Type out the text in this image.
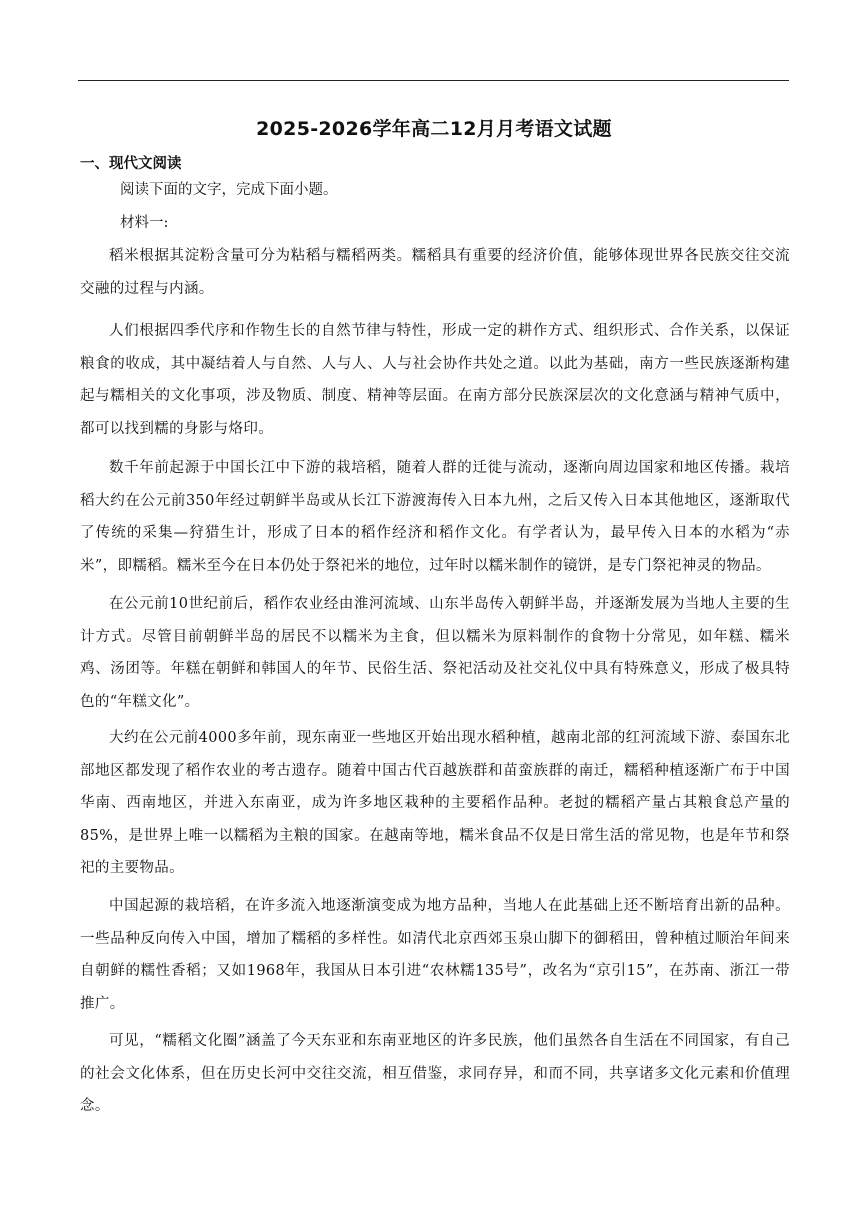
2025-2026学年高二12月月考语文试题
一、现代文阅读
阅读下面的文字，完成下面小题。
材料一:

稻米根据其淀粉含量可分为粘稻与糯稻两类。糯稻具有重要的经济价值，能够体现世界各民族交往交流交融的过程与内涵。

人们根据四季代序和作物生长的自然节律与特性，形成一定的耕作方式、组织形式、合作关系，以保证粮食的收成，其中凝结着人与自然、人与人、人与社会协作共处之道。以此为基础，南方一些民族逐渐构建起与糯相关的文化事项，涉及物质、制度、精神等层面。在南方部分民族深层次的文化意涵与精神气质中，都可以找到糯的身影与烙印。

数千年前起源于中国长江中下游的栽培稻，随着人群的迁徙与流动，逐渐向周边国家和地区传播。栽培稻大约在公元前350年经过朝鲜半岛或从长江下游渡海传入日本九州，之后又传入日本其他地区，逐渐取代了传统的采集—狩猎生计，形成了日本的稻作经济和稻作文化。有学者认为，最早传入日本的水稻为“赤米”，即糯稻。糯米至今在日本仍处于祭祀米的地位，过年时以糯米制作的镜饼，是专门祭祀神灵的物品。

在公元前10世纪前后，稻作农业经由淮河流域、山东半岛传入朝鲜半岛，并逐渐发展为当地人主要的生计方式。尽管目前朝鲜半岛的居民不以糯米为主食，但以糯米为原料制作的食物十分常见，如年糕、糯米鸡、汤团等。年糕在朝鲜和韩国人的年节、民俗生活、祭祀活动及社交礼仪中具有特殊意义，形成了极具特色的“年糕文化”。

大约在公元前4000多年前，现东南亚一些地区开始出现水稻种植，越南北部的红河流域下游、泰国东北部地区都发现了稻作农业的考古遗存。随着中国古代百越族群和苗蛮族群的南迁，糯稻种植逐渐广布于中国华南、西南地区，并进入东南亚，成为许多地区栽种的主要稻作品种。老挝的糯稻产量占其粮食总产量的85%，是世界上唯一以糯稻为主粮的国家。在越南等地，糯米食品不仅是日常生活的常见物，也是年节和祭祀的主要物品。

中国起源的栽培稻，在许多流入地逐渐演变成为地方品种，当地人在此基础上还不断培育出新的品种。一些品种反向传入中国，增加了糯稻的多样性。如清代北京西郊玉泉山脚下的御稻田，曾种植过顺治年间来自朝鲜的糯性香稻；又如1968年，我国从日本引进“农林糯135号”，改名为“京引15”，在苏南、浙江一带推广。

可见，“糯稻文化圈”涵盖了今天东亚和东南亚地区的许多民族，他们虽然各自生活在不同国家，有自己的社会文化体系，但在历史长河中交往交流，相互借鉴，求同存异，和而不同，共享诸多文化元素和价值理念。
